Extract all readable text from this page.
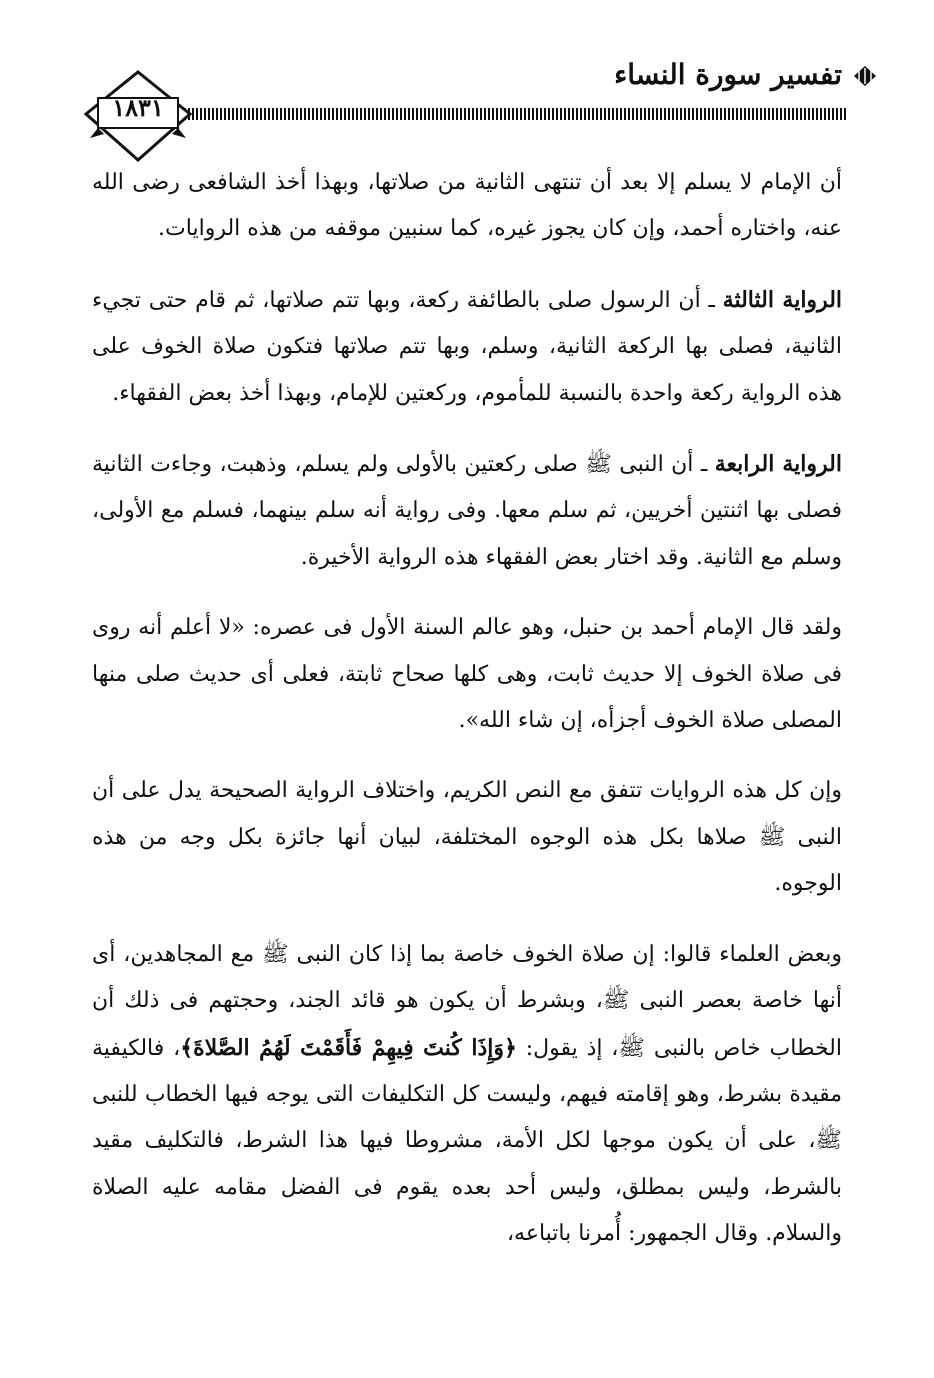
تفسير سورة النساء
١٨٣١

أن الإمام لا يسلم إلا بعد أن تنتهى الثانية من صلاتها، وبهذا أخذ الشافعى رضى الله عنه، واختاره أحمد، وإن كان يجوز غيره، كما سنبين موقفه من هذه الروايات.

الرواية الثالثة ـ أن الرسول صلى بالطائفة ركعة، وبها تتم صلاتها، ثم قام حتى تجيء الثانية، فصلى بها الركعة الثانية، وسلم، وبها تتم صلاتها فتكون صلاة الخوف على هذه الرواية ركعة واحدة بالنسبة للمأموم، وركعتين للإمام، وبهذا أخذ بعض الفقهاء.

الرواية الرابعة ـ أن النبى ﷺ صلى ركعتين بالأولى ولم يسلم، وذهبت، وجاءت الثانية فصلى بها اثنتين أخريين، ثم سلم معها. وفى رواية أنه سلم بينهما، فسلم مع الأولى، وسلم مع الثانية. وقد اختار بعض الفقهاء هذه الرواية الأخيرة.

ولقد قال الإمام أحمد بن حنبل، وهو عالم السنة الأول فى عصره: «لا أعلم أنه روى فى صلاة الخوف إلا حديث ثابت، وهى كلها صحاح ثابتة، فعلى أى حديث صلى منها المصلى صلاة الخوف أجزأه، إن شاء الله».

وإن كل هذه الروايات تتفق مع النص الكريم، واختلاف الرواية الصحيحة يدل على أن النبى ﷺ صلاها بكل هذه الوجوه المختلفة، لبيان أنها جائزة بكل وجه من هذه الوجوه.

وبعض العلماء قالوا: إن صلاة الخوف خاصة بما إذا كان النبى ﷺ مع المجاهدين، أى أنها خاصة بعصر النبى ﷺ، وبشرط أن يكون هو قائد الجند، وحجتهم فى ذلك أن الخطاب خاص بالنبى ﷺ، إذ يقول: ﴿وَإِذَا كُنتَ فِيهِمْ فَأَقَمْتَ لَهُمُ الصَّلاةَ﴾، فالكيفية مقيدة بشرط، وهو إقامته فيهم، وليست كل التكليفات التى يوجه فيها الخطاب للنبى ﷺ، على أن يكون موجها لكل الأمة، مشروطا فيها هذا الشرط، فالتكليف مقيد بالشرط، وليس بمطلق، وليس أحد بعده يقوم فى الفضل مقامه عليه الصلاة والسلام. وقال الجمهور: أُمرنا باتباعه،
